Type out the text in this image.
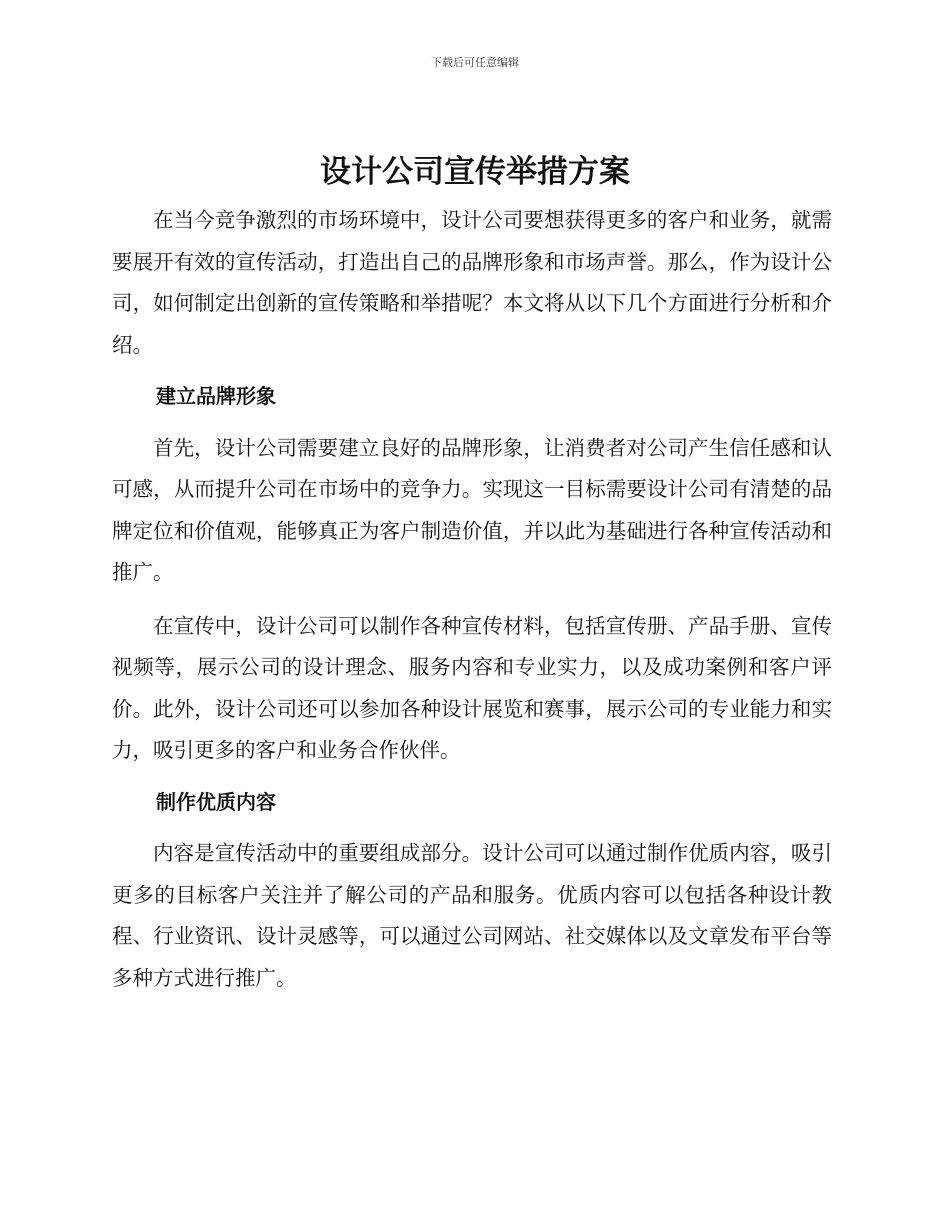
下载后可任意编辑
设计公司宣传举措方案

在当今竞争激烈的市场环境中，设计公司要想获得更多的客户和业务，就需要展开有效的宣传活动，打造出自己的品牌形象和市场声誉。那么，作为设计公司，如何制定出创新的宣传策略和举措呢？本文将从以下几个方面进行分析和介绍。

建立品牌形象

首先，设计公司需要建立良好的品牌形象，让消费者对公司产生信任感和认可感，从而提升公司在市场中的竞争力。实现这一目标需要设计公司有清楚的品牌定位和价值观，能够真正为客户制造价值，并以此为基础进行各种宣传活动和推广。

在宣传中，设计公司可以制作各种宣传材料，包括宣传册、产品手册、宣传视频等，展示公司的设计理念、服务内容和专业实力，以及成功案例和客户评价。此外，设计公司还可以参加各种设计展览和赛事，展示公司的专业能力和实力，吸引更多的客户和业务合作伙伴。

制作优质内容

内容是宣传活动中的重要组成部分。设计公司可以通过制作优质内容，吸引更多的目标客户关注并了解公司的产品和服务。优质内容可以包括各种设计教程、行业资讯、设计灵感等，可以通过公司网站、社交媒体以及文章发布平台等多种方式进行推广。
